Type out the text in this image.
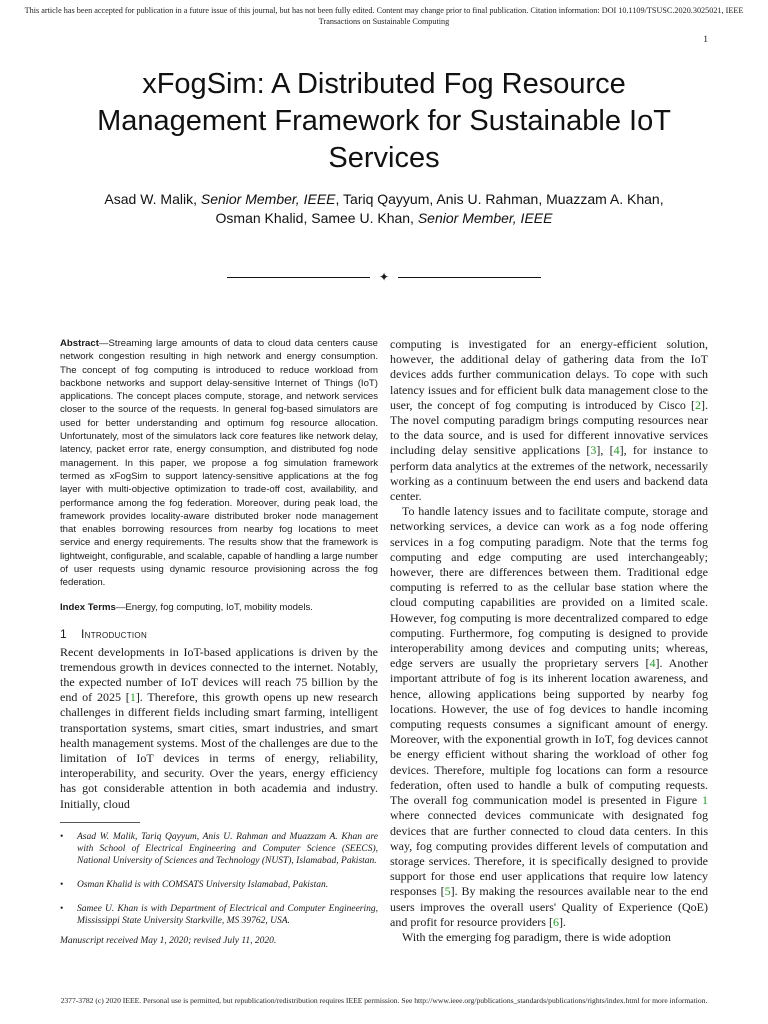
This article has been accepted for publication in a future issue of this journal, but has not been fully edited. Content may change prior to final publication. Citation information: DOI 10.1109/TSUSC.2020.3025021, IEEE
Transactions on Sustainable Computing
1
xFogSim: A Distributed Fog Resource Management Framework for Sustainable IoT Services
Asad W. Malik, Senior Member, IEEE, Tariq Qayyum, Anis U. Rahman, Muazzam A. Khan,
Osman Khalid, Samee U. Khan, Senior Member, IEEE
✦

Abstract—Streaming large amounts of data to cloud data centers cause network congestion resulting in high network and energy consumption. The concept of fog computing is introduced to reduce workload from backbone networks and support delay-sensitive Internet of Things (IoT) applications. The concept places compute, storage, and network services closer to the source of the requests. In general fog-based simulators are used for better understanding and optimum fog resource allocation. Unfortunately, most of the simulators lack core features like network delay, latency, packet error rate, energy consumption, and distributed fog node management. In this paper, we propose a fog simulation framework termed as xFogSim to support latency-sensitive applications at the fog layer with multi-objective optimization to trade-off cost, availability, and performance among the fog federation. Moreover, during peak load, the framework provides locality-aware distributed broker node management that enables borrowing resources from nearby fog locations to meet service and energy requirements. The results show that the framework is lightweight, configurable, and scalable, capable of handling a large number of user requests using dynamic resource provisioning across the fog federation.

Index Terms—Energy, fog computing, IoT, mobility models.

1 Introduction

Recent developments in IoT-based applications is driven by the tremendous growth in devices connected to the internet. Notably, the expected number of IoT devices will reach 75 billion by the end of 2025 [1]. Therefore, this growth opens up new research challenges in different fields including smart farming, intelligent transportation systems, smart cities, smart industries, and smart health management systems. Most of the challenges are due to the limitation of IoT devices in terms of energy, reliability, interoperability, and security. Over the years, energy efficiency has got considerable attention in both academia and industry. Initially, cloud

• Asad W. Malik, Tariq Qayyum, Anis U. Rahman and Muazzam A. Khan are with School of Electrical Engineering and Computer Science (SEECS), National University of Sciences and Technology (NUST), Islamabad, Pakistan.
• Osman Khalid is with COMSATS University Islamabad, Pakistan.
• Samee U. Khan is with Department of Electrical and Computer Engineering, Mississippi State University Starkville, MS 39762, USA.

Manuscript received May 1, 2020; revised July 11, 2020.

computing is investigated for an energy-efficient solution, however, the additional delay of gathering data from the IoT devices adds further communication delays. To cope with such latency issues and for efficient bulk data management close to the user, the concept of fog computing is introduced by Cisco [2]. The novel computing paradigm brings computing resources near to the data source, and is used for different innovative services including delay sensitive applications [3], [4], for instance to perform data analytics at the extremes of the network, necessarily working as a continuum between the end users and backend data center.

To handle latency issues and to facilitate compute, storage and networking services, a device can work as a fog node offering services in a fog computing paradigm. Note that the terms fog computing and edge computing are used interchangeably; however, there are differences between them. Traditional edge computing is referred to as the cellular base station where the cloud computing capabilities are provided on a limited scale. However, fog computing is more decentralized compared to edge computing. Furthermore, fog computing is designed to provide interoperability among devices and computing units; whereas, edge servers are usually the proprietary servers [4]. Another important attribute of fog is its inherent location awareness, and hence, allowing applications being supported by nearby fog locations. However, the use of fog devices to handle incoming computing requests consumes a significant amount of energy. Moreover, with the exponential growth in IoT, fog devices cannot be energy efficient without sharing the workload of other fog devices. Therefore, multiple fog locations can form a resource federation, often used to handle a bulk of computing requests. The overall fog communication model is presented in Figure 1 where connected devices communicate with designated fog devices that are further connected to cloud data centers. In this way, fog computing provides different levels of computation and storage services. Therefore, it is specifically designed to provide support for those end user applications that require low latency responses [5]. By making the resources available near to the end users improves the overall users' Quality of Experience (QoE) and profit for resource providers [6].

With the emerging fog paradigm, there is wide adoption

2377-3782 (c) 2020 IEEE. Personal use is permitted, but republication/redistribution requires IEEE permission. See http://www.ieee.org/publications_standards/publications/rights/index.html for more information.
